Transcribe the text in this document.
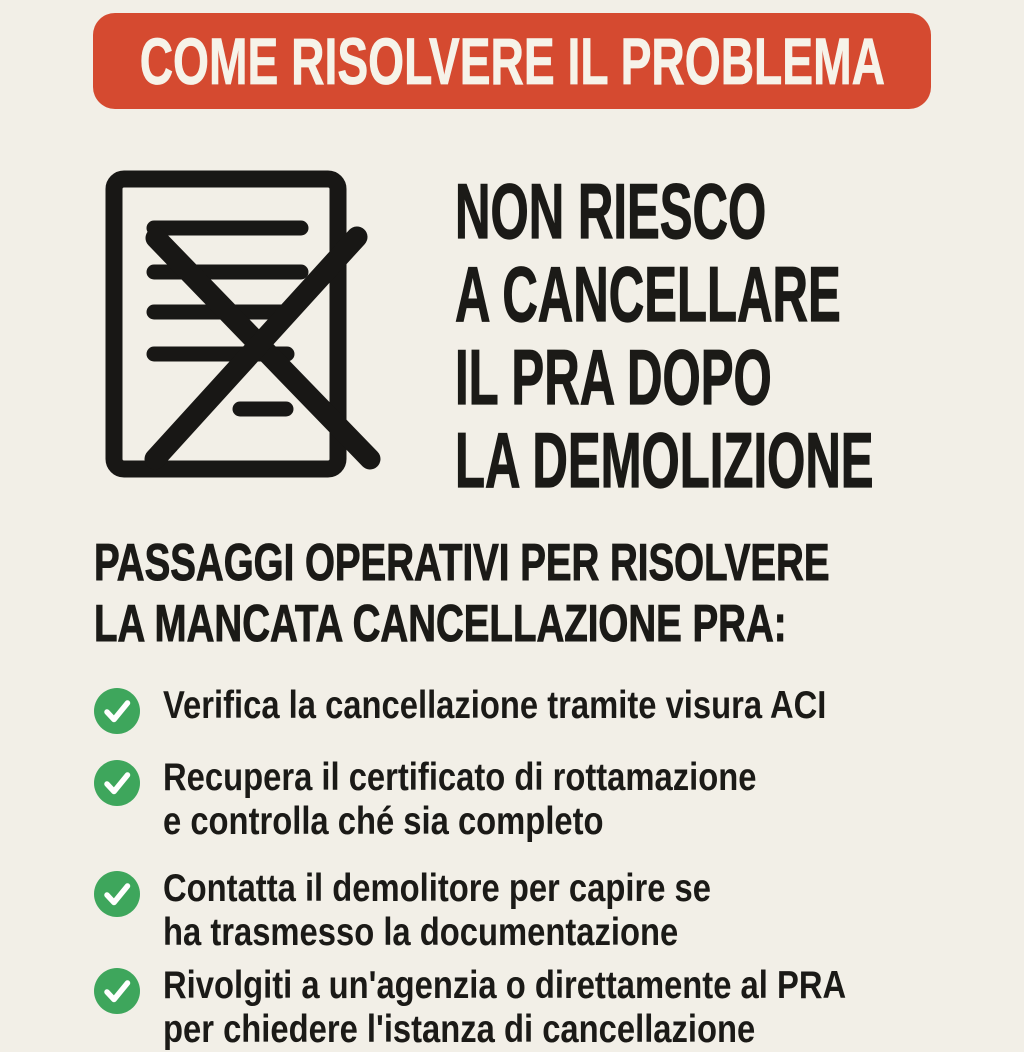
COME RISOLVERE IL PROBLEMA
NON RIESCO
A CANCELLARE
IL PRA DOPO
LA DEMOLIZIONE
PASSAGGI OPERATIVI PER RISOLVERE
LA MANCATA CANCELLAZIONE PRA:
Verifica la cancellazione tramite visura ACI
Recupera il certificato di rottamazione
e controlla ché sia completo
Contatta il demolitore per capire se
ha trasmesso la documentazione
Rivolgiti a un'agenzia o direttamente al PRA
per chiedere l'istanza di cancellazione
